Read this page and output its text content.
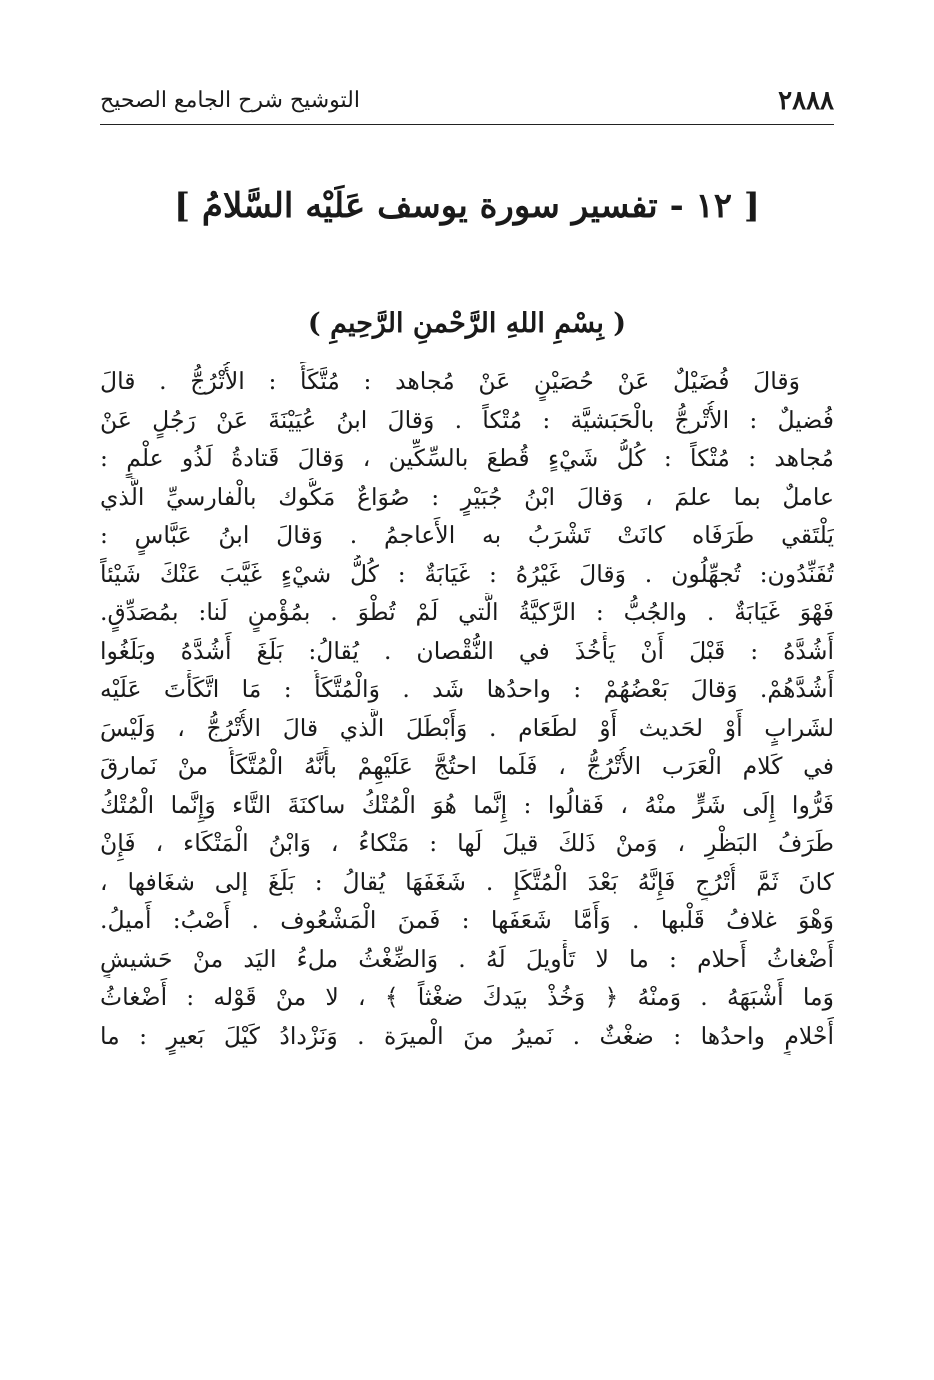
٢٨٨٨
التوشيح شرح الجامع الصحيح
[ ١٢ - تفسير سورة يوسف عَلَيْه السَّلامُ ]
( بِسْمِ اللهِ الرَّحْمنِ الرَّحِيمِ )
وَقالَ فُضَيْلٌ عَنْ حُصَيْنٍ عَنْ مُجاهد : مُتَّكَأً : الأُتْرُجُّ . قالَ
فُضيلٌ : الأُتْرجُّ بالْحَبَشيَّة : مُتْكاً . وَقالَ ابنُ عُيَيْنَةَ عَنْ رَجُلٍ عَنْ
مُجاهد : مُتْكاً : كُلُّ شَيْءٍ قُطعَ بالسِّكِّين ، وَقالَ قَتادةُ لَذُو علْمٍ :
عاملٌ بما علمَ ، وَقالَ ابْنُ جُبَيْرٍ : صُوَاعٌ مَكُّوك بالْفارسيِّ الَّذي
يَلْتَقي طَرَفَاه كانَتْ تَشْرَبُ به الأَعاجمُ . وَقالَ ابنُ عَبَّاسٍ :
تُفَنِّدُون: تُجهِّلُون . وَقالَ غَيْرُهُ : غَيَابَةٌ : كُلُّ شيْءٍ غَيَّبَ عَنْكَ شَيْئاً
فَهْوَ غَيَابَةٌ . والجُبُّ : الرَّكيَّةُ الَّتي لَمْ تُطْوَ . بمُؤْمنٍ لَنا: بمُصَدِّقٍ.
أَشُدَّهُ : قَبْلَ أَنْ يَأْخُذَ في النُّقْصان . يُقالُ: بَلَغَ أَشُدَّهُ وبَلَغُوا
أَشُدَّهُمْ. وَقالَ بَعْضُهُمْ : واحدُها شَد . وَالْمُتَّكَأُ : مَا اتَّكَأْتَ عَلَيْه
لشَرابٍ أَوْ لحَديث أَوْ لطَعَام . وَأَبْطَلَ الَّذي قالَ الأُتْرُجُّ ، وَلَيْسَ
في كَلام الْعَرَب الأُتْرُجُّ ، فَلَما احتُجَّ عَلَيْهِمْ بأَنَّهُ الْمُتَّكَأُ منْ نَمارقَ
فَرُّوا إِلَى شَرٍّ منْهُ ، فَقالُوا : إِنَّما هُوَ الْمُتْكُ ساكنَةَ التَّاء وَإِنَّما الْمُتْكُ
طَرَفُ البَظْرِ ، وَمنْ ذَلكَ قيلَ لَها : مَتْكاءُ ، وَابْنُ الْمَتْكَاء ، فَإِنْ
كانَ ثَمَّ أُتْرُجٍ فَإِنَّهُ بَعْدَ الْمُتَّكَإِ . شَغَفَهَا يُقالُ : بَلَغَ إلى شغَافها ،
وَهْوَ غلافُ قَلْبها . وَأَمَّا شَعَفَها : فَمنَ الْمَشْعُوف . أَصْبُ: أَميلُ.
أَضْغاثُ أَحلام : ما لا تَأْويلَ لَهُ . وَالضِّغْثُ ملءُ اليَد منْ حَشيشٍ
وَما أَشْبَهَهُ . وَمنْهُ ﴿ وَخُذْ بيَدكَ ضغْثاً ﴾ ، لا منْ قَوْله : أَضْغاثُ
أَحْلامٍ واحدُها : ضغْثٌ . نَميرُ منَ الْميرَة . وَنَزْدادُ كَيْلَ بَعيرٍ : ما
